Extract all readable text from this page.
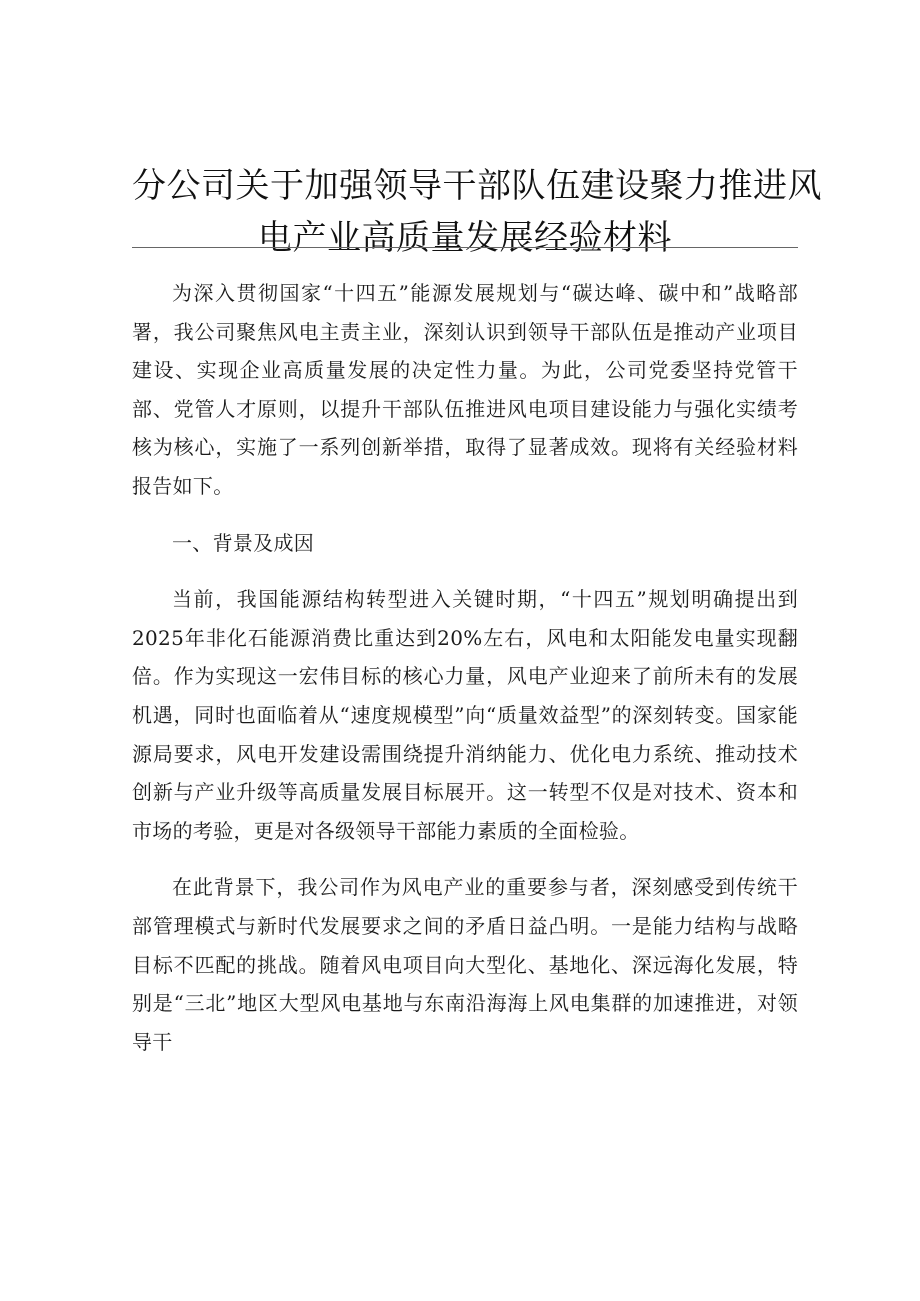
分公司关于加强领导干部队伍建设聚力推进风
电产业高质量发展经验材料

为深入贯彻国家“十四五”能源发展规划与“碳达峰、碳中和”战略部署，我公司聚焦风电主责主业，深刻认识到领导干部队伍是推动产业项目建设、实现企业高质量发展的决定性力量。为此，公司党委坚持党管干部、党管人才原则，以提升干部队伍推进风电项目建设能力与强化实绩考核为核心，实施了一系列创新举措，取得了显著成效。现将有关经验材料报告如下。

一、背景及成因

当前，我国能源结构转型进入关键时期，“十四五”规划明确提出到2025年非化石能源消费比重达到20%左右，风电和太阳能发电量实现翻倍。作为实现这一宏伟目标的核心力量，风电产业迎来了前所未有的发展机遇，同时也面临着从“速度规模型”向“质量效益型”的深刻转变。国家能源局要求，风电开发建设需围绕提升消纳能力、优化电力系统、推动技术创新与产业升级等高质量发展目标展开。这一转型不仅是对技术、资本和市场的考验，更是对各级领导干部能力素质的全面检验。

在此背景下，我公司作为风电产业的重要参与者，深刻感受到传统干部管理模式与新时代发展要求之间的矛盾日益凸明。一是能力结构与战略目标不匹配的挑战。随着风电项目向大型化、基地化、深远海化发展，特别是“三北”地区大型风电基地与东南沿海海上风电集群的加速推进，对领导干
